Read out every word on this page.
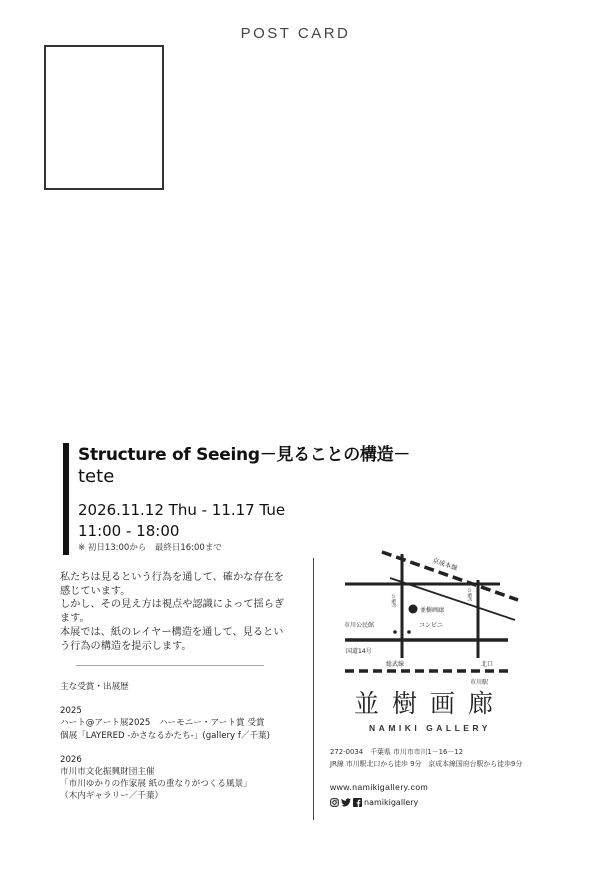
POST CARD
Structure of Seeing－見ることの構造－
tete
2026.11.12 Thu - 11.17 Tue
11:00 - 18:00
※ 初日13:00から　最終日16:00まで

私たちは見るという行為を通して、確かな存在を

感じています。

しかし、その見え方は視点や認識によって揺らぎ

ます。

本展では、紙のレイヤー構造を通して、見るとい

う行為の構造を提示します。

主な受賞・出展歴
2025
ハート@アート展2025　ハーモニー・アート賞 受賞
個展「LAYERED -かさなるかたち-」(gallery f／千葉)
2026
市川市文化振興財団主催
「市川ゆかりの作家展 紙の重なりがつくる風景」
（木内ギャラリー／千葉）
京成本線
の場所	の場所
並樹画廊
市川公民館	コンビニ
国道14号
総武線	北口
市川駅
並樹画廊
NAMIKI GALLERY
272-0034　千葉県 市川市市川1－16－12
JR線 市川駅北口から徒歩 9分　京成本線国府台駅から徒歩9分
www.namikigallery.com
namikigallery
